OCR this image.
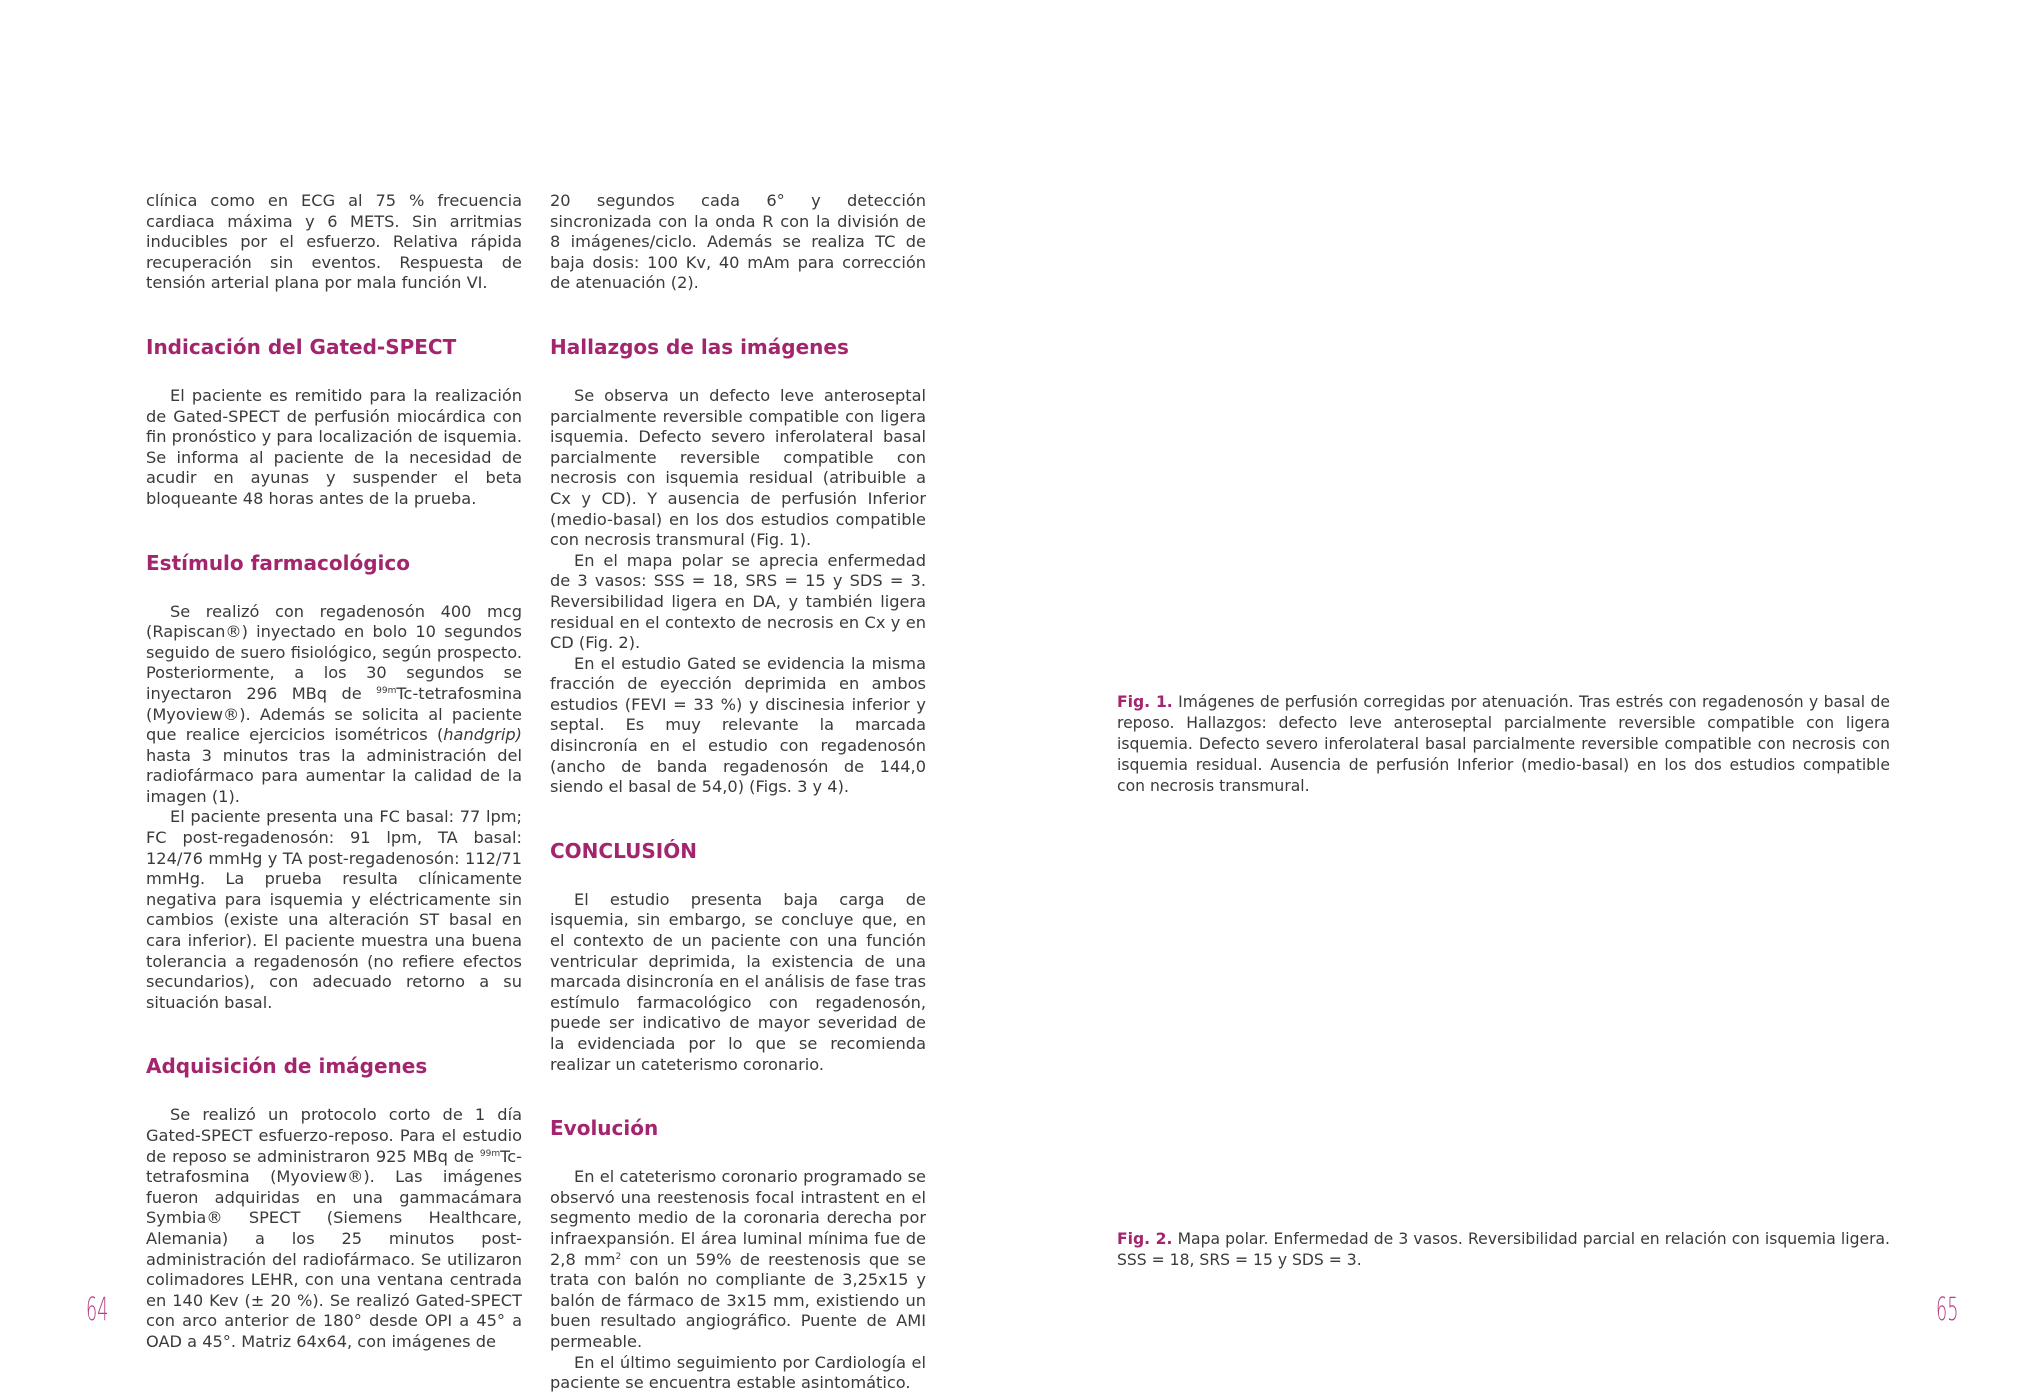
clínica como en ECG al 75 % frecuencia cardiaca máxima y 6 METS. Sin arritmias inducibles por el esfuerzo. Relativa rápida recuperación sin eventos. Respuesta de tensión arterial plana por mala función VI.

Indicación del Gated-SPECT

El paciente es remitido para la realización de Gated-SPECT de perfusión miocárdica con fin pronóstico y para localización de isquemia. Se informa al paciente de la necesidad de acudir en ayunas y suspender el beta bloqueante 48 horas antes de la prueba.

Estímulo farmacológico

Se realizó con regadenosón 400 mcg (Rapiscan®) inyectado en bolo 10 segundos seguido de suero fisiológico, según prospecto. Posteriormente, a los 30 segundos se inyectaron 296 MBq de $^{99m}$Tc-tetrafosmina (Myoview®). Además se solicita al paciente que realice ejercicios isométricos (handgrip) hasta 3 minutos tras la administración del radiofármaco para aumentar la calidad de la imagen (1).

El paciente presenta una FC basal: 77 lpm; FC post-regadenosón: 91 lpm, TA basal: 124/76 mmHg y TA post-regadenosón: 112/71 mmHg. La prueba resulta clínicamente negativa para isquemia y eléctricamente sin cambios (existe una alteración ST basal en cara inferior). El paciente muestra una buena tolerancia a regadenosón (no refiere efectos secundarios), con adecuado retorno a su situación basal.

Adquisición de imágenes

Se realizó un protocolo corto de 1 día Gated-SPECT esfuerzo-reposo. Para el estudio de reposo se administraron 925 MBq de $^{99m}$Tc-tetrafosmina (Myoview®). Las imágenes fueron adquiridas en una gammacámara Symbia® SPECT (Siemens Healthcare, Alemania) a los 25 minutos post-administración del radiofármaco. Se utilizaron colimadores LEHR, con una ventana centrada en 140 Kev (± 20 %). Se realizó Gated-SPECT con arco anterior de 180° desde OPI a 45° a OAD a 45°. Matriz 64x64, con imágenes de

20 segundos cada 6° y detección sincronizada con la onda R con la división de 8 imágenes/ciclo. Además se realiza TC de baja dosis: 100 Kv, 40 mAm para corrección de atenuación (2).

Hallazgos de las imágenes

Se observa un defecto leve anteroseptal parcialmente reversible compatible con ligera isquemia. Defecto severo inferolateral basal parcialmente reversible compatible con necrosis con isquemia residual (atribuible a Cx y CD). Y ausencia de perfusión Inferior (medio-basal) en los dos estudios compatible con necrosis transmural (Fig. 1).

En el mapa polar se aprecia enfermedad de 3 vasos: SSS = 18, SRS = 15 y SDS = 3. Reversibilidad ligera en DA, y también ligera residual en el contexto de necrosis en Cx y en CD (Fig. 2).

En el estudio Gated se evidencia la misma fracción de eyección deprimida en ambos estudios (FEVI = 33 %) y discinesia inferior y septal. Es muy relevante la marcada disincronía en el estudio con regadenosón (ancho de banda regadenosón de 144,0 siendo el basal de 54,0) (Figs. 3 y 4).

CONCLUSIÓN

El estudio presenta baja carga de isquemia, sin embargo, se concluye que, en el contexto de un paciente con una función ventricular deprimida, la existencia de una marcada disincronía en el análisis de fase tras estímulo farmacológico con regadenosón, puede ser indicativo de mayor severidad de la evidenciada por lo que se recomienda realizar un cateterismo coronario.

Evolución

En el cateterismo coronario programado se observó una reestenosis focal intrastent en el segmento medio de la coronaria derecha por infraexpansión. El área luminal mínima fue de 2,8 $mm^2$ con un 59% de reestenosis que se trata con balón no compliante de 3,25x15 y balón de fármaco de 3x15 mm, existiendo un buen resultado angiográfico. Puente de AMI permeable.

En el último seguimiento por Cardiología el paciente se encuentra estable asintomático.

Fig. 1. Imágenes de perfusión corregidas por atenuación. Tras estrés con regadenosón y basal de reposo. Hallazgos: defecto leve anteroseptal parcialmente reversible compatible con ligera isquemia. Defecto severo inferolateral basal parcialmente reversible compatible con necrosis con isquemia residual. Ausencia de perfusión Inferior (medio-basal) en los dos estudios compatible con necrosis transmural.
Fig. 2. Mapa polar. Enfermedad de 3 vasos. Reversibilidad parcial en relación con isquemia ligera. SSS = 18, SRS = 15 y SDS = 3.
64	65
